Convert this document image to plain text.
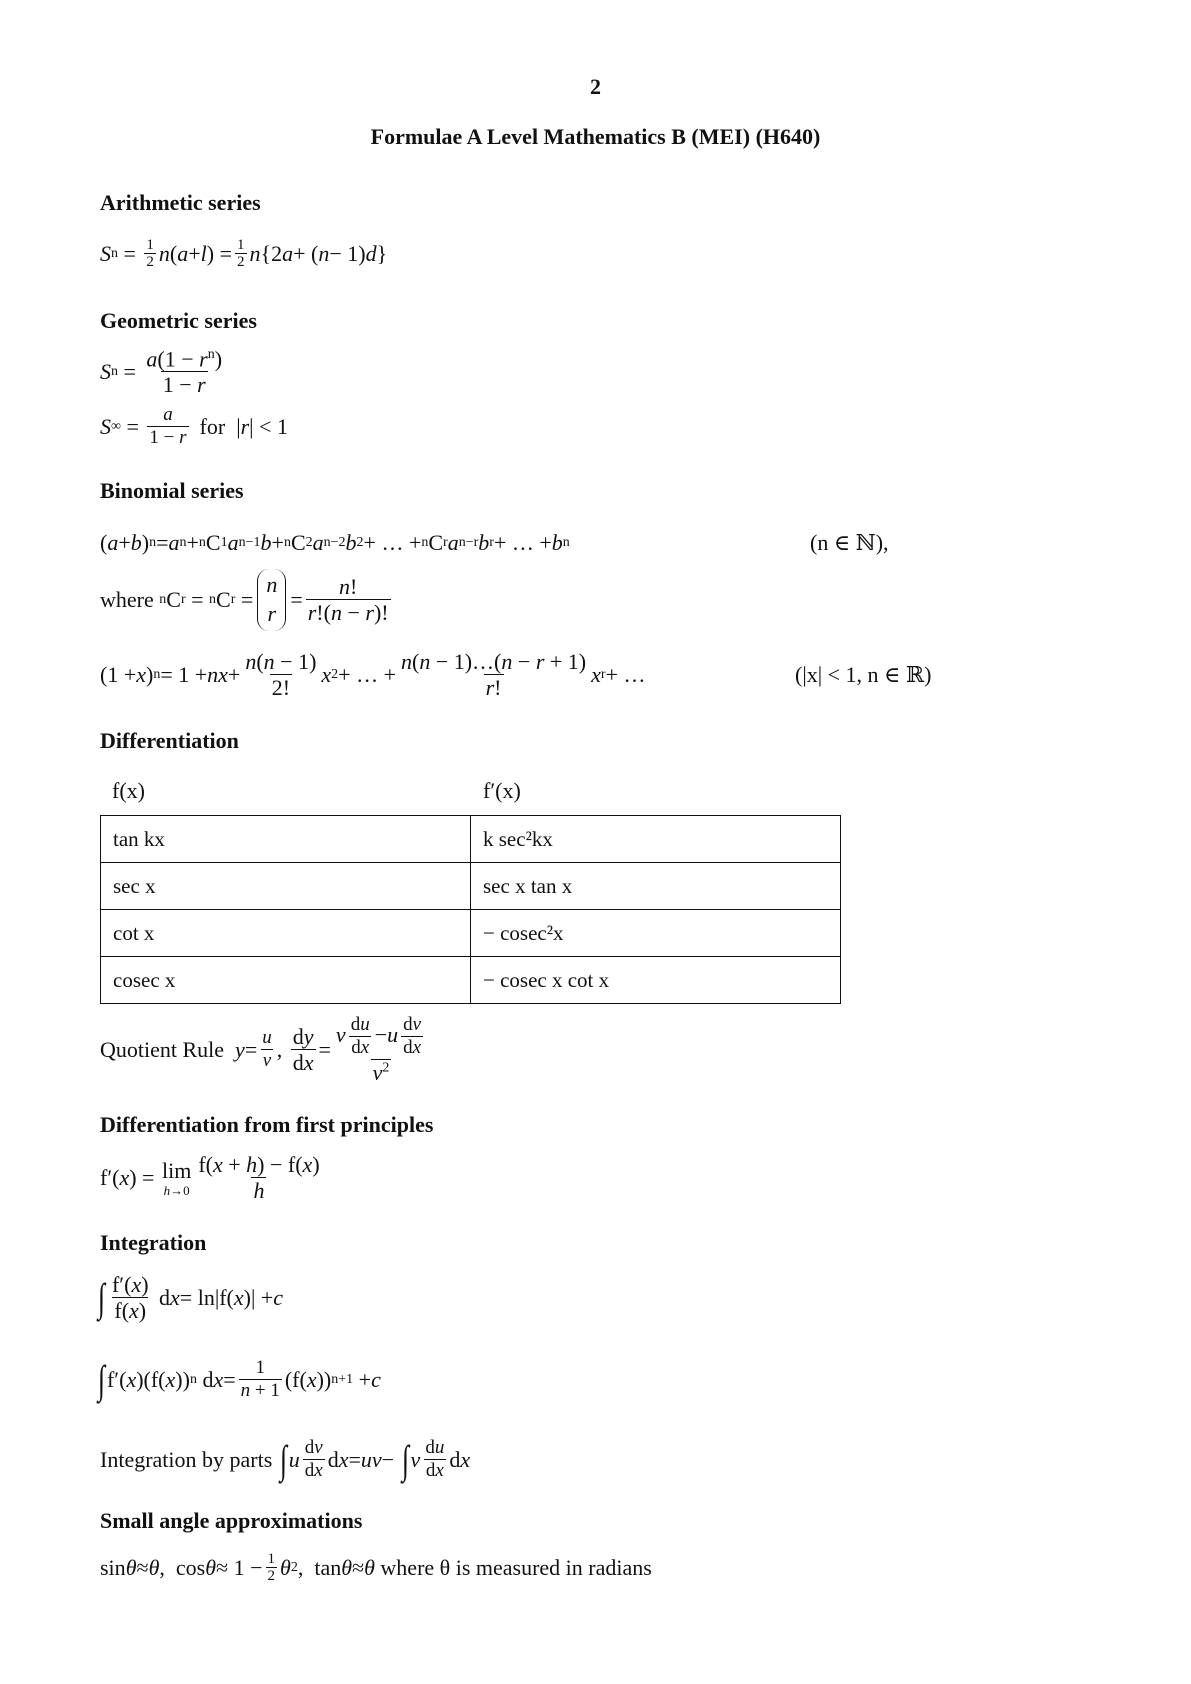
2
Formulae A Level Mathematics B (MEI) (H640)
Arithmetic series
S $n = \frac{1}{2}$ n ( a + l ) = $\frac{1}{2}$ n {2 a + ( n − 1) d }
Geometric series
S $n = \frac{a(1 - r^n)}{1 - r}$
S ∞ = $\frac{a}{1 - r}$ for | r | < 1
Binomial series
( a + b ) n = a n + n C 1 a n−1 b + n C 2 a n−2 b 2 + … + n C r a n−r b r + … + b n	(n ∈ ℕ),
where
n C r = n C r =
n
r
= $\frac{n!}{r!(n - r)!}$
(1 + x ) n = 1 + nx + $\frac{n(n - 1)}{2!}$ x 2 + … + $\frac{n(n - 1)\dots(n - r + 1)}{r!}$ x r + …	(|x| < 1, n ∈ ℝ)
Differentiation
f(x)	f′(x)
tan kx	k sec²kx
sec x	sec x tan x
cot x	− cosec²x
cosec x	− cosec x cot x
Quotient Rule
$y = \frac{u}{v}$ , $\frac{dy}{dx} = \frac{v \frac{du}{dx} -u \frac{dv}{dx}}{v^2}$
Differentiation from first principles
f′( x ) = lim
$h\to 0 \frac{f(x + h) - f(x)}{h}$
Integration
∫ $\frac{f'(x)}{f(x)}$ d x = ln|f( x )| + c
∫ f′( x )(f( x )) n d $x = \frac{1}{n + 1} (f$( x )) n+1 + c
Integration by parts
∫ u $\frac{dv}{dx}$ d x = uv − ∫ v $\frac{du}{dx}$ d x
Small angle approximations
sin θ ≈ θ ,  $\cos \theta \approx 1 - \frac{1}{2}$ θ 2 ,  tan θ ≈ θ
where θ is measured in radians
